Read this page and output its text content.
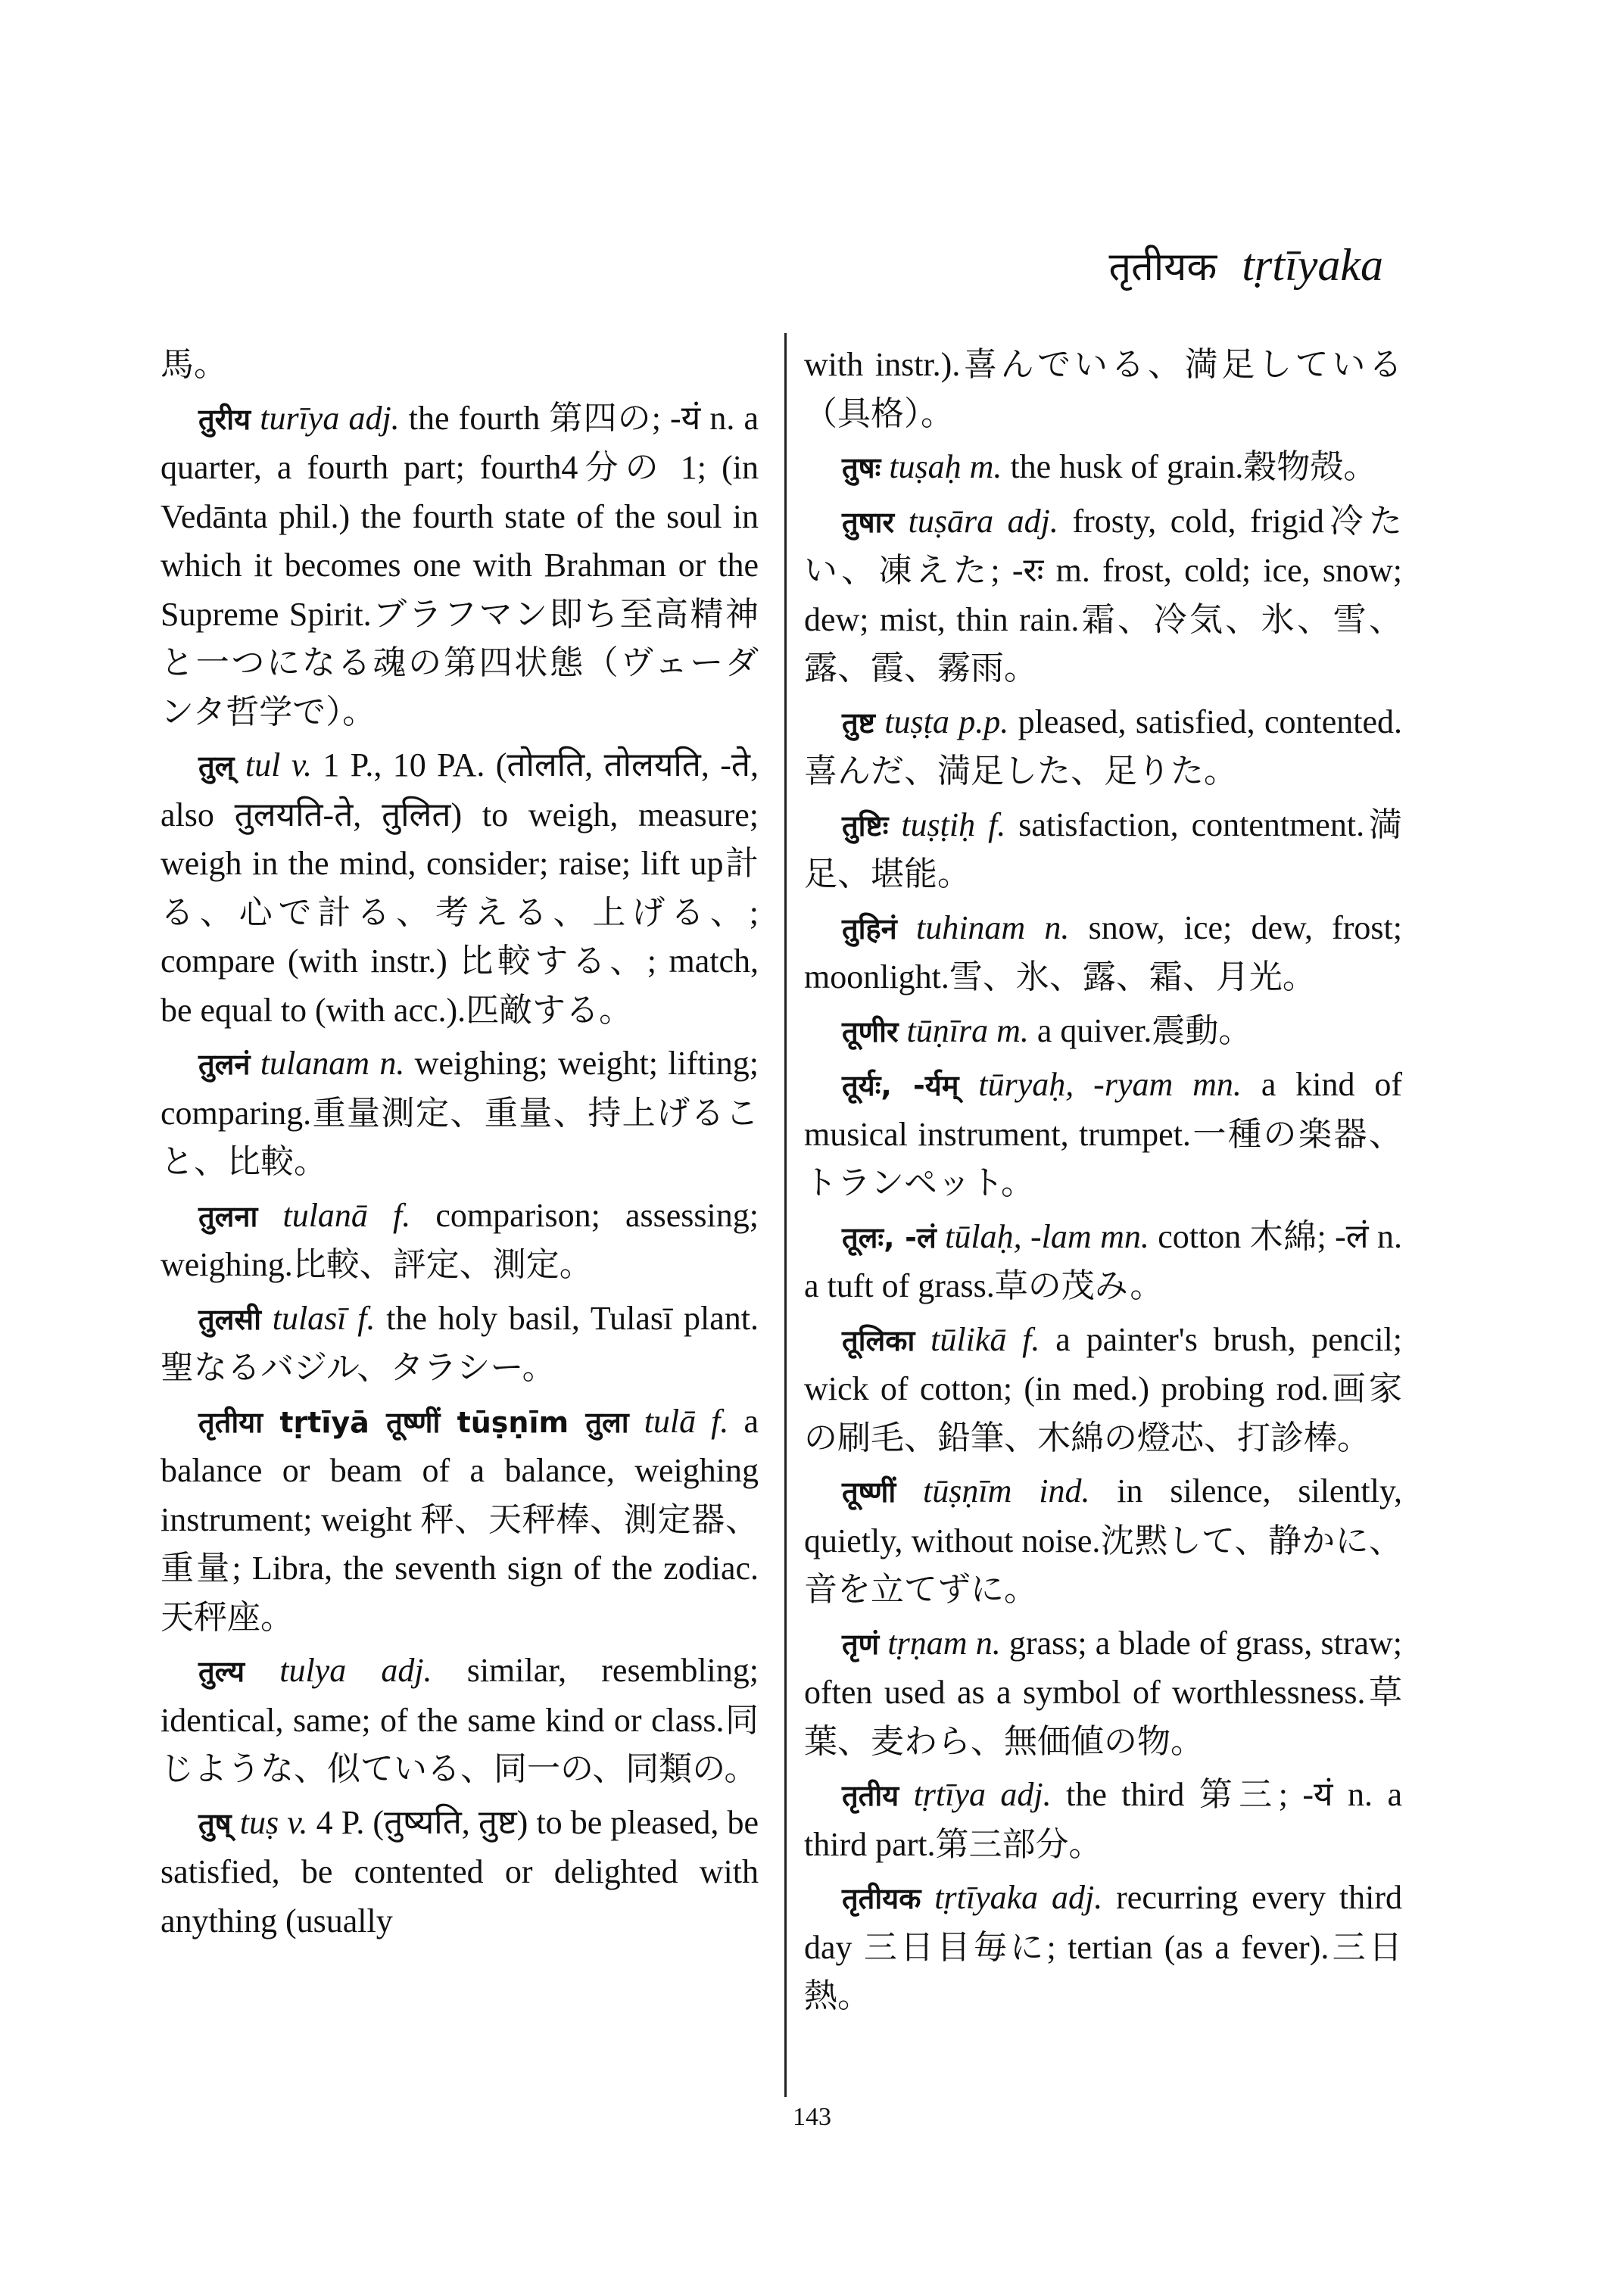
तृतीयक tṛtīyaka

馬。

तुरीय turīya adj. the fourth 第四の; -यं n. a quarter, a fourth part; fourth4分の 1; (in Vedānta phil.) the fourth state of the soul in which it becomes one with Brahman or the Supreme Spirit.ブラフマン即ち至高精神と一つになる魂の第四状態（ヴェーダンタ哲学で）。

तुल् tul v. 1 P., 10 PA. (तोलति, तोलयति, -ते, also तुलयति-ते, तुलित) to weigh, measure; weigh in the mind, consider; raise; lift up計る、心で計る、考える、上げる、; compare (with instr.) 比較する、; match, be equal to (with acc.).匹敵する。

तुलनं tulanam n. weighing; weight; lifting; comparing.重量測定、重量、持上げること、比較。

तुलना tulanā f. comparison; assessing; weighing.比較、評定、測定。

तुलसी tulasī f. the holy basil, Tulasī plant.聖なるバジル、タラシー。

तृतीया tṛtīyā तूष्णीं tūṣṇīm तुला tulā f. a balance or beam of a balance, weighing instrument; weight 秤、天秤棒、測定器、重量; Libra, the seventh sign of the zodiac.天秤座。

तुल्य tulya adj. similar, resembling; identical, same; of the same kind or class.同じような、似ている、同一の、同類の。

तुष् tuṣ v. 4 P. (तुष्यति, तुष्ट) to be pleased, be satisfied, be contented or delighted with anything (usually

with instr.).喜んでいる、満足している（具格）。

तुषः tuṣaḥ m. the husk of grain.穀物殻。

तुषार tuṣāra adj. frosty, cold, frigid冷たい、凍えた; -रः m. frost, cold; ice, snow; dew; mist, thin rain.霜、冷気、氷、雪、露、霞、霧雨。

तुष्ट tuṣṭa p.p. pleased, satisfied, contented.喜んだ、満足した、足りた。

तुष्टिः tuṣṭiḥ f. satisfaction, contentment.満足、堪能。

तुहिनं tuhinam n. snow, ice; dew, frost; moonlight.雪、氷、露、霜、月光。

तूणीर tūṇīra m. a quiver.震動。

तूर्यः, -र्यम् tūryaḥ, -ryam mn. a kind of musical instrument, trumpet.一種の楽器、トランペット。

तूलः, -लं tūlaḥ, -lam mn. cotton 木綿; -लं n. a tuft of grass.草の茂み。

तूलिका tūlikā f. a painter's brush, pencil; wick of cotton; (in med.) probing rod.画家の刷毛、鉛筆、木綿の燈芯、打診棒。

तूष्णीं tūṣṇīm ind. in silence, silently, quietly, without noise.沈黙して、静かに、音を立てずに。

तृणं tṛṇam n. grass; a blade of grass, straw; often used as a symbol of worthlessness.草葉、麦わら、無価値の物。

तृतीय tṛtīya adj. the third 第三; -यं n. a third part.第三部分。

तृतीयक tṛtīyaka adj. recurring every third day 三日目毎に; tertian (as a fever).三日熱。

143
